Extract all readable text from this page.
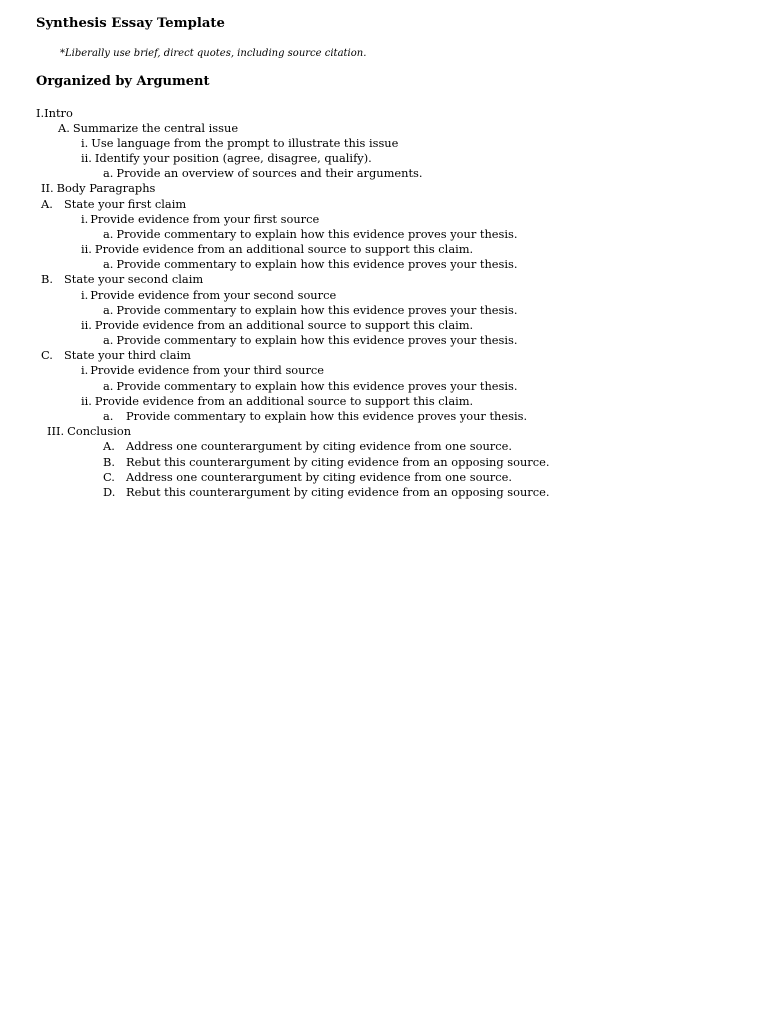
Synthesis Essay Template
*Liberally use brief, direct quotes, including source citation.
Organized by Argument
I.Intro
A. Summarize the central issue
i. Use language from the prompt to illustrate this issue
ii. Identify your position (agree, disagree, qualify).
a. Provide an overview of sources and their arguments.
II. Body Paragraphs
A. State your first claim
i. Provide evidence from your first source
a. Provide commentary to explain how this evidence proves your thesis.
ii. Provide evidence from an additional source to support this claim.
a. Provide commentary to explain how this evidence proves your thesis.
B. State your second claim
i. Provide evidence from your second source
a. Provide commentary to explain how this evidence proves your thesis.
ii. Provide evidence from an additional source to support this claim.
a. Provide commentary to explain how this evidence proves your thesis.
C. State your third claim
i. Provide evidence from your third source
a. Provide commentary to explain how this evidence proves your thesis.
ii. Provide evidence from an additional source to support this claim.
a. Provide commentary to explain how this evidence proves your thesis.
III. Conclusion
A. Address one counterargument by citing evidence from one source.
B. Rebut this counterargument by citing evidence from an opposing source.
C. Address one counterargument by citing evidence from one source.
D. Rebut this counterargument by citing evidence from an opposing source.
